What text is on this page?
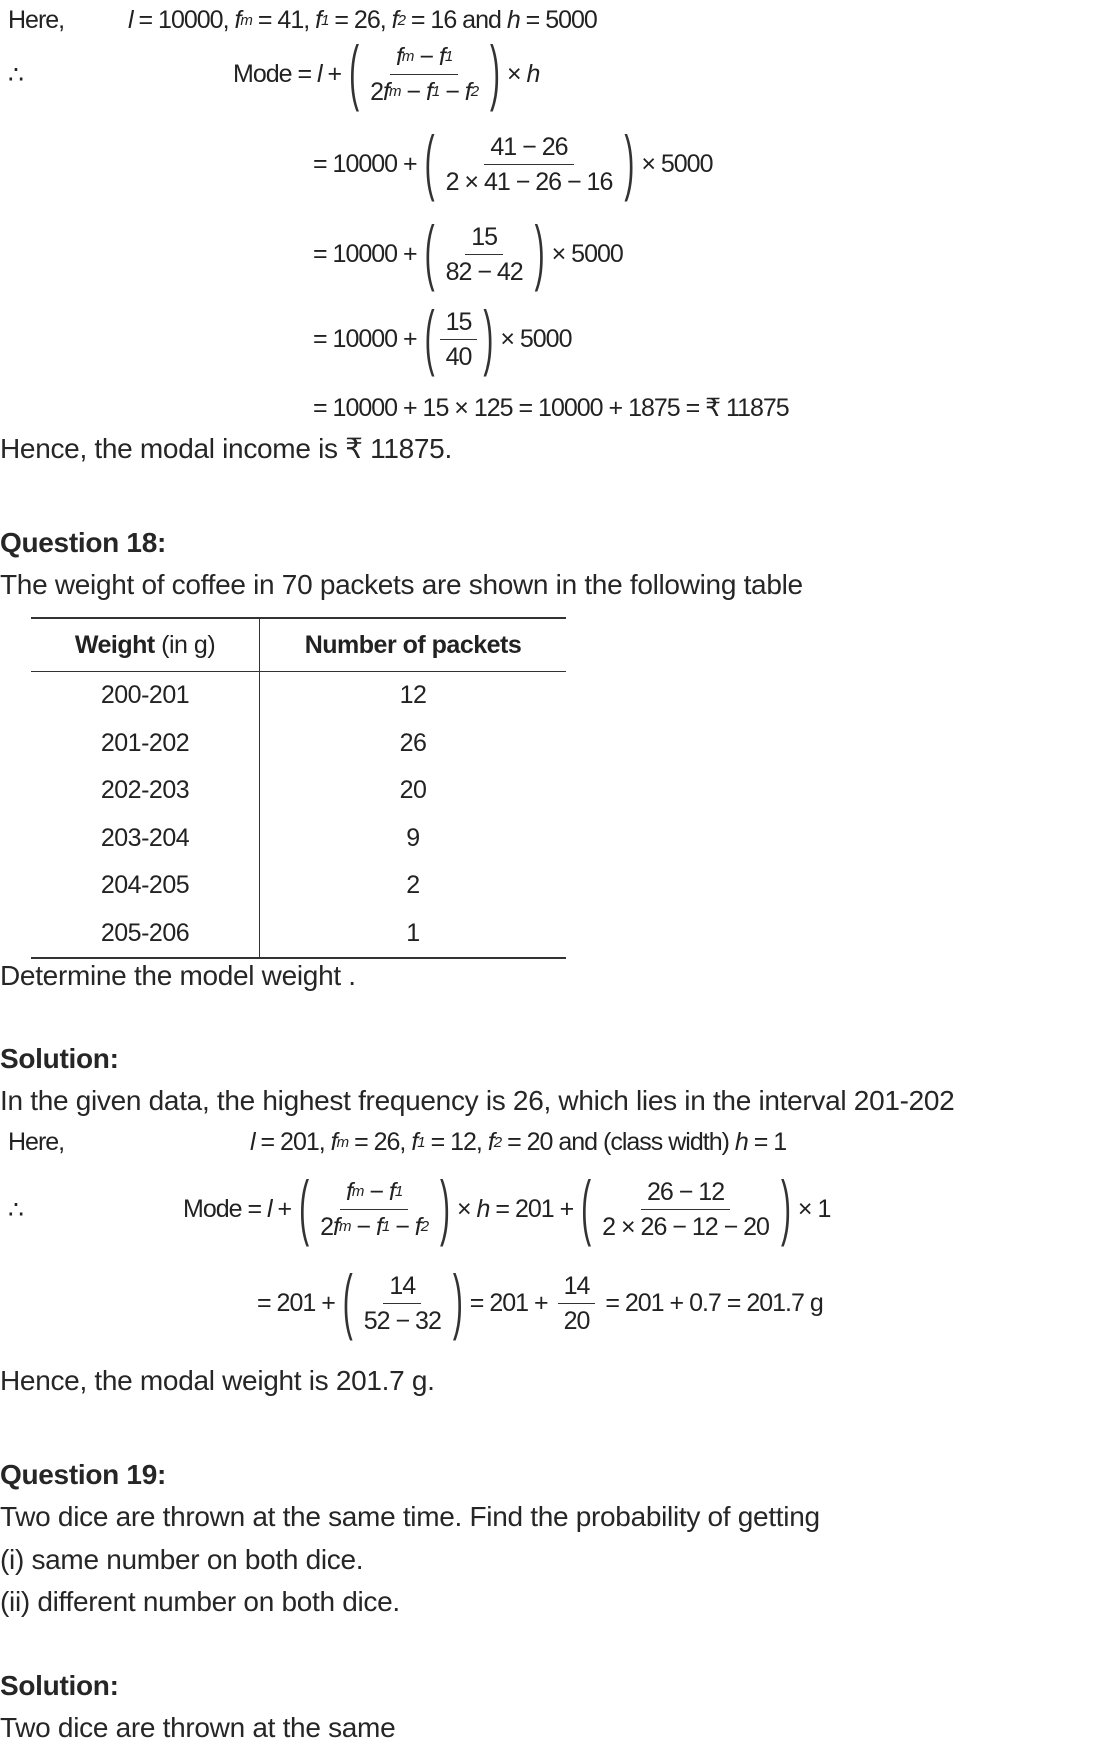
Here,	l = 10000, f m = 41, f 1 = 26, f 2 = 16 and h = 5000
∴	Mode = l + ( $\frac{\text{f m − f 1}}{\text{2 f m − f 1 − f 2}}$ ) × h
= 10000 + ( $\frac{41 - 26}{2 \times 41 - 26 - 16}$ ) × 5000
= 10000 + ( $\frac{15}{82 - 42}$ ) × 5000
= 10000 + ( $\frac{15}{40}$ ) × 5000
= 10000 + 15 × 125 = 10000 + 1875 = ₹ 11875
Hence, the modal income is ₹ 11875.
Question 18:
The weight of coffee in 70 packets are shown in the following table
Weight (in g)	Number of packets
200-201	12
201-202	26
202-203	20
203-204	9
204-205	2
205-206	1
Determine the model weight .
Solution:
In the given data, the highest frequency is 26, which lies in the interval 201-202
Here,	l = 201, f m = 26, f 1 = 12, f 2 = 20 and (class width) h = 1
∴	Mode = l + ( $\frac{\text{f m − f 1}}{\text{2 f m − f 1 − f 2}}$ ) × h = 201 + ( $\frac{26 - 12}{2 \times 26 - 12 - 20}$ ) × 1
= 201 + ( $\frac{14}{52 - 32}$ ) = $201 + \frac{14}{20} = 201 + 0.7 = 201.7$ g
Hence, the modal weight is 201.7 g.
Question 19:
Two dice are thrown at the same time. Find the probability of getting
(i) same number on both dice.
(ii) different number on both dice.
Solution:
Two dice are thrown at the same
